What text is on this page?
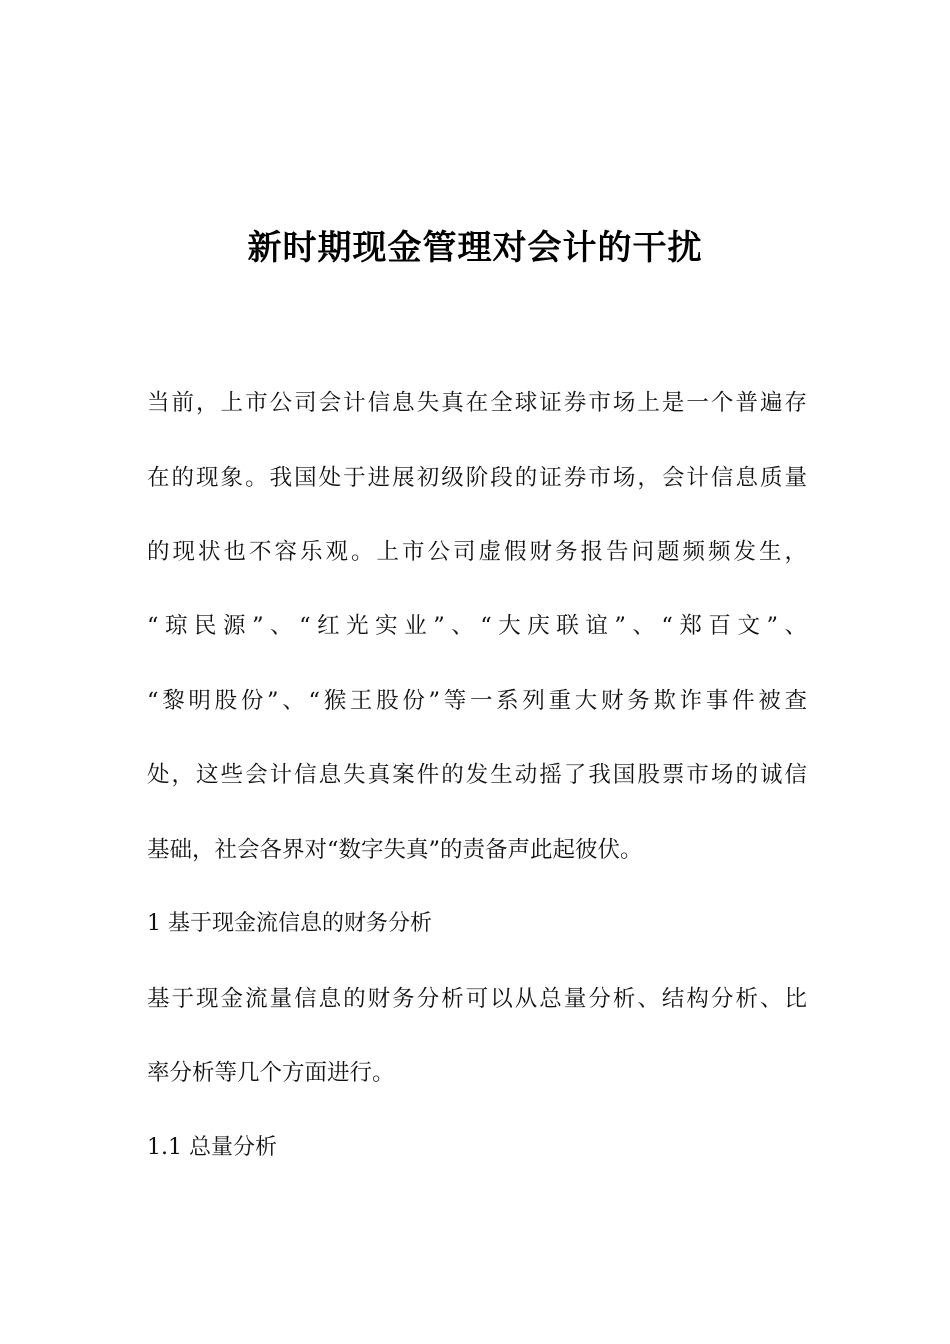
新时期现金管理对会计的干扰

当前，上市公司会计信息失真在全球证券市场上是一个普遍存

在的现象。我国处于进展初级阶段的证券市场，会计信息质量

的现状也不容乐观。上市公司虚假财务报告问题频频发生，

“琼民源”、“红光实业”、“大庆联谊”、“郑百文”、

“黎明股份”、“猴王股份”等一系列重大财务欺诈事件被查

处，这些会计信息失真案件的发生动摇了我国股票市场的诚信

基础，社会各界对“数字失真”的责备声此起彼伏。

1 基于现金流信息的财务分析

基于现金流量信息的财务分析可以从总量分析、结构分析、比

率分析等几个方面进行。

1.1 总量分析
